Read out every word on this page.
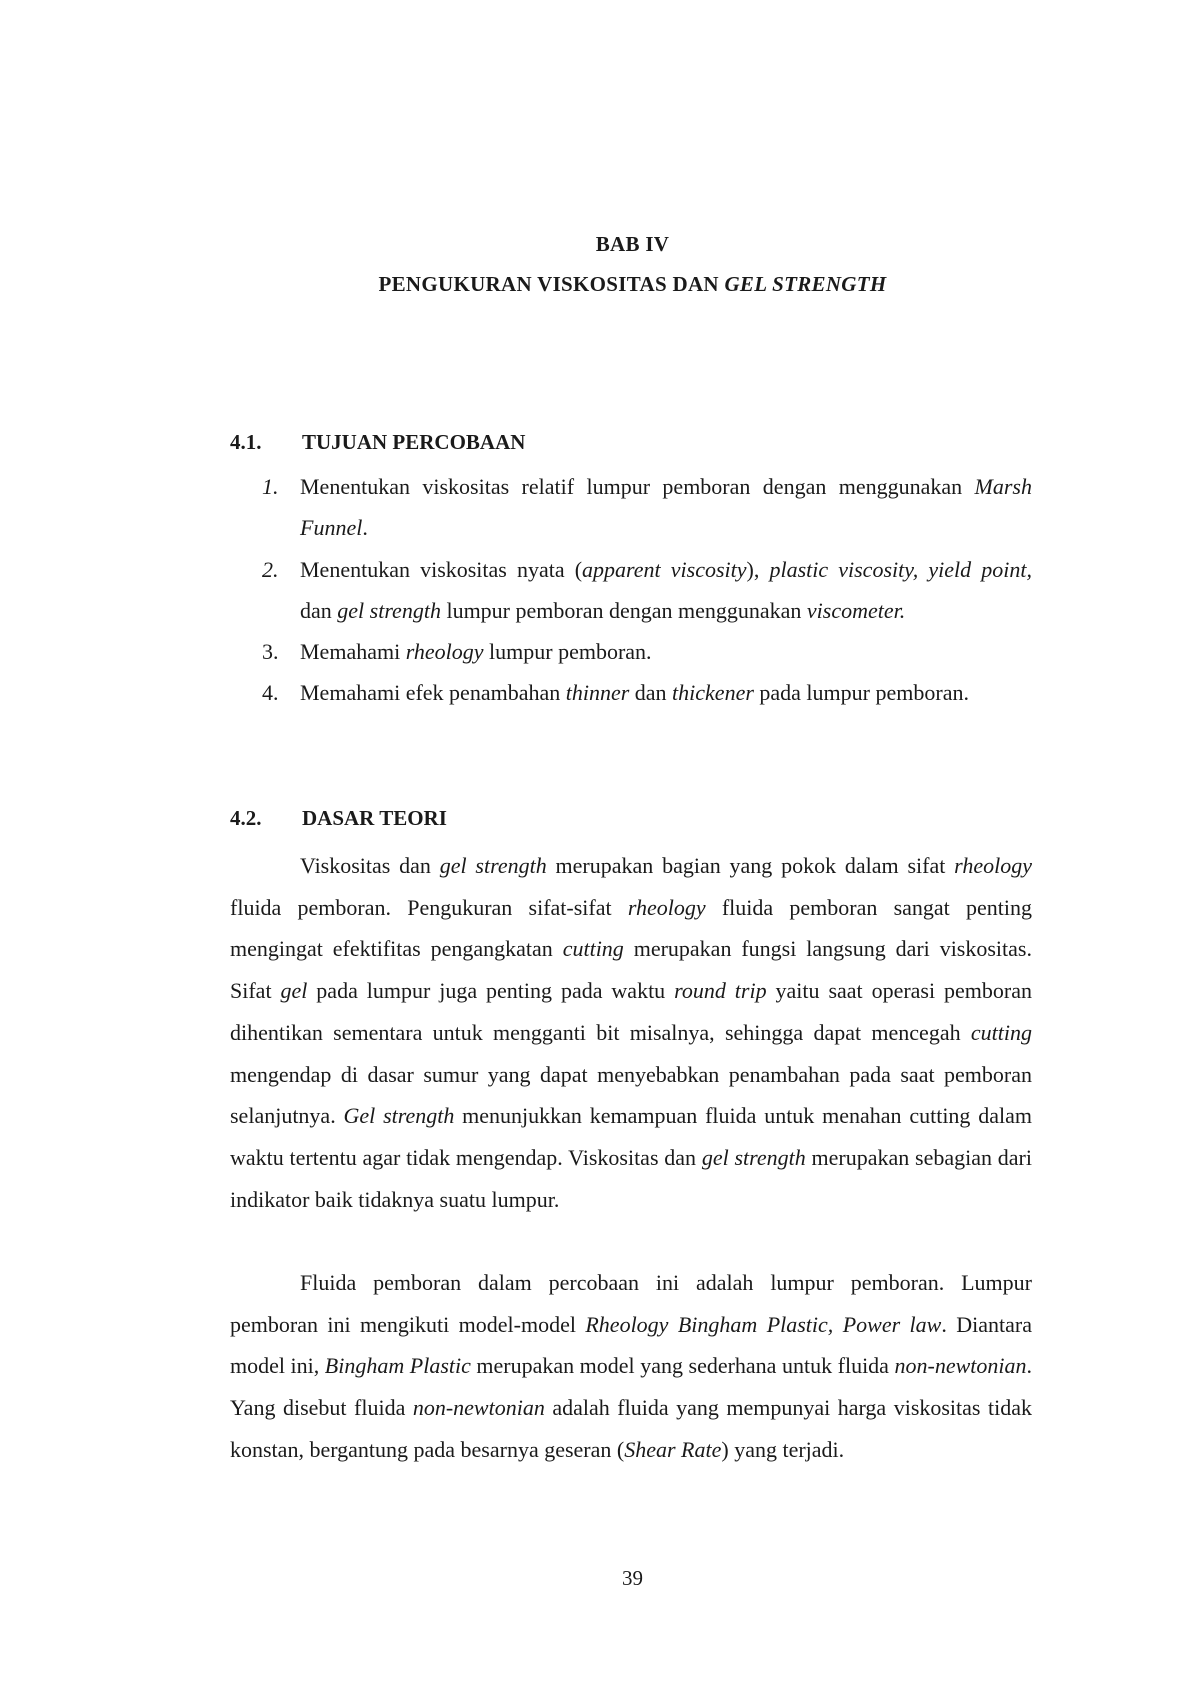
BAB IV
PENGUKURAN VISKOSITAS DAN GEL STRENGTH
4.1. TUJUAN PERCOBAAN
1. Menentukan viskositas relatif lumpur pemboran dengan menggunakan Marsh Funnel.
2. Menentukan viskositas nyata (apparent viscosity), plastic viscosity, yield point, dan gel strength lumpur pemboran dengan menggunakan viscometer.
3. Memahami rheology lumpur pemboran.
4. Memahami efek penambahan thinner dan thickener pada lumpur pemboran.
4.2. DASAR TEORI

Viskositas dan gel strength merupakan bagian yang pokok dalam sifat rheology fluida pemboran. Pengukuran sifat-sifat rheology fluida pemboran sangat penting mengingat efektifitas pengangkatan cutting merupakan fungsi langsung dari viskositas. Sifat gel pada lumpur juga penting pada waktu round trip yaitu saat operasi pemboran dihentikan sementara untuk mengganti bit misalnya, sehingga dapat mencegah cutting mengendap di dasar sumur yang dapat menyebabkan penambahan pada saat pemboran selanjutnya. Gel strength menunjukkan kemampuan fluida untuk menahan cutting dalam waktu tertentu agar tidak mengendap. Viskositas dan gel strength merupakan sebagian dari indikator baik tidaknya suatu lumpur.

Fluida pemboran dalam percobaan ini adalah lumpur pemboran. Lumpur pemboran ini mengikuti model-model Rheology Bingham Plastic, Power law. Diantara model ini, Bingham Plastic merupakan model yang sederhana untuk fluida non-newtonian. Yang disebut fluida non-newtonian adalah fluida yang mempunyai harga viskositas tidak konstan, bergantung pada besarnya geseran (Shear Rate) yang terjadi.

39
